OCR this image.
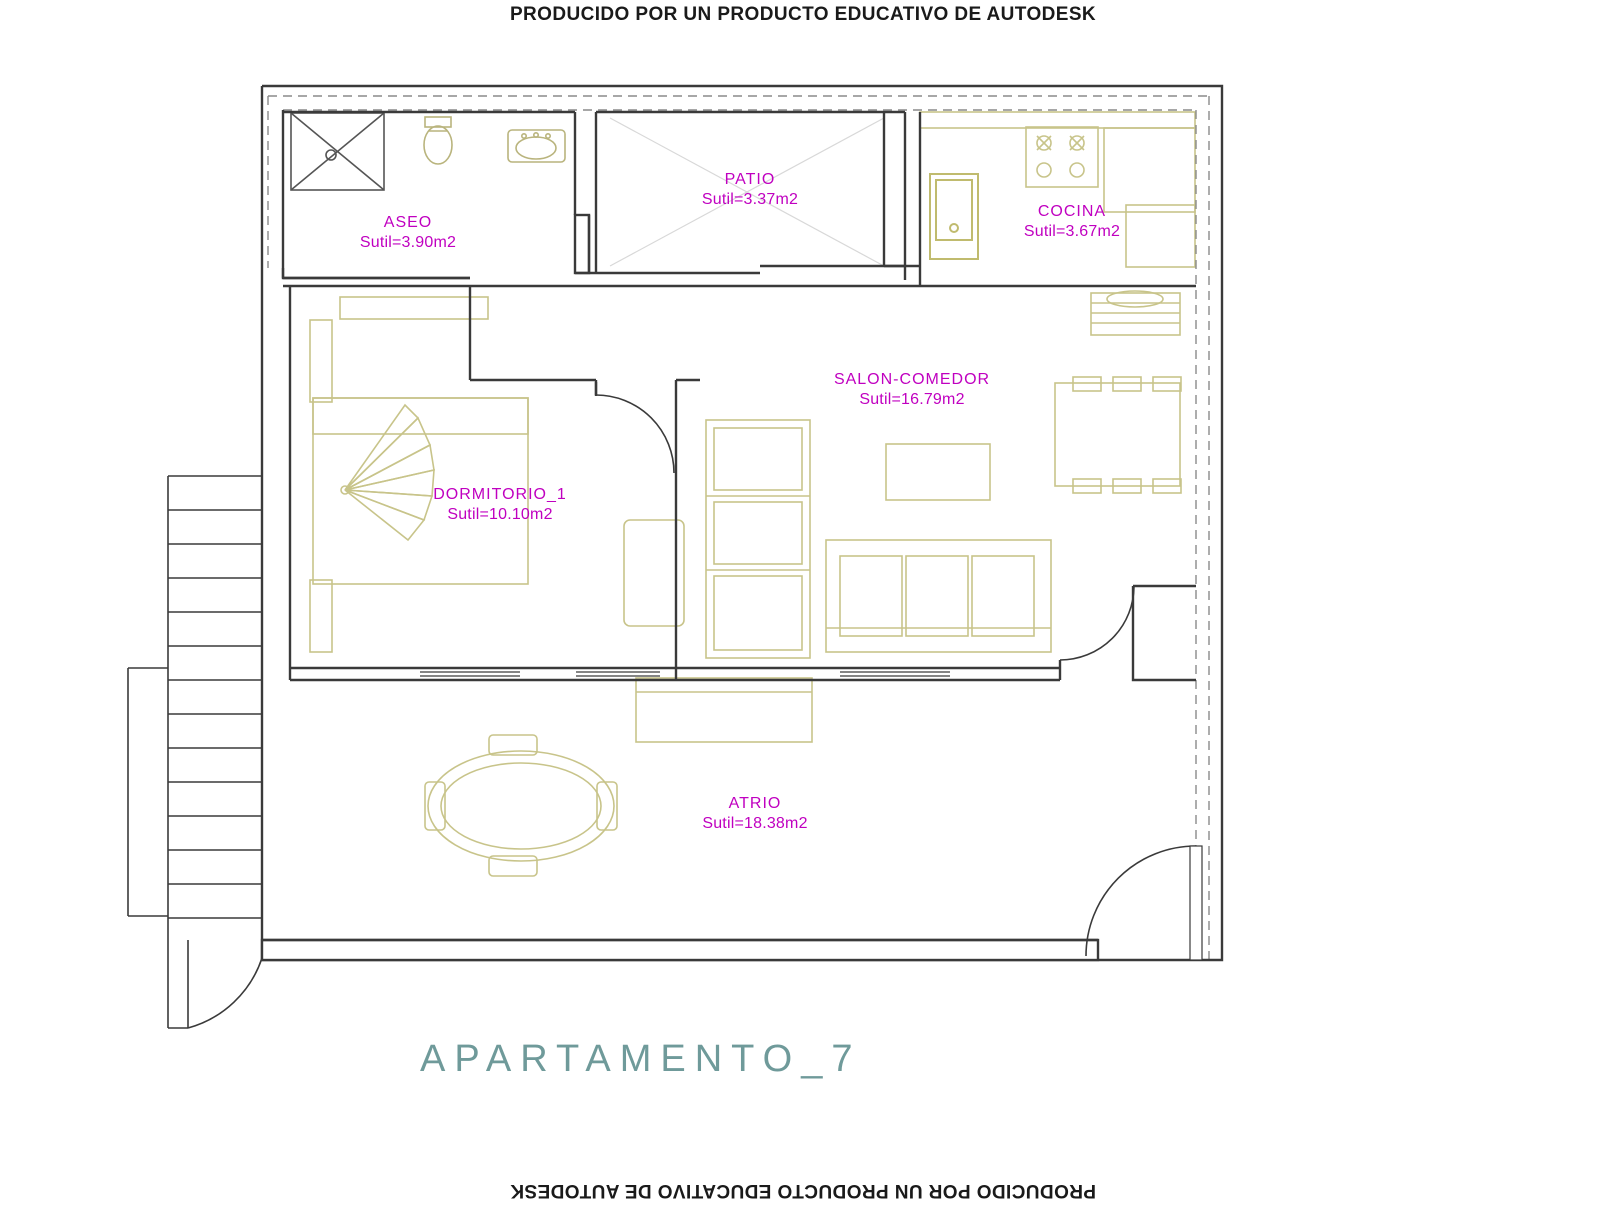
PRODUCIDO POR UN PRODUCTO EDUCATIVO DE AUTODESK
ASEO
Sutil=3.90m2
PATIO
Sutil=3.37m2
COCINA
Sutil=3.67m2
SALON-COMEDOR
Sutil=16.79m2
DORMITORIO_1
Sutil=10.10m2
ATRIO
Sutil=18.38m2
APARTAMENTO_7
PRODUCIDO POR UN PRODUCTO EDUCATIVO DE AUTODESK
